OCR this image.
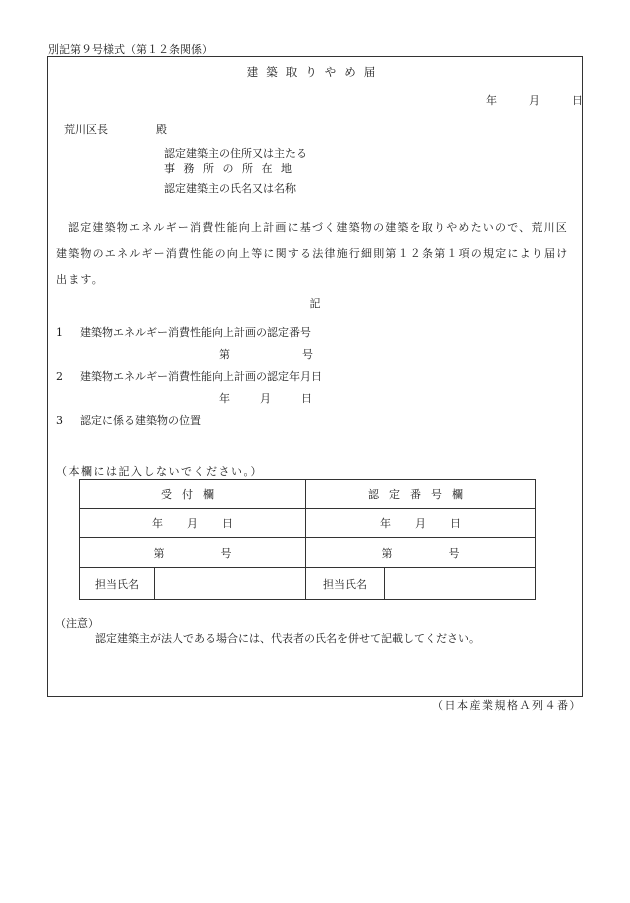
別記第９号様式（第１２条関係）
建築取りやめ届
年	月	日
荒川区長	殿
認定建築主の住所又は主たる
事務所の所在地
認定建築主の氏名又は名称
認定建築物エネルギー消費性能向上計画に基づく建築物の建築を取りやめたいので、荒川区建築物のエネルギー消費性能の向上等に関する法律施行細則第１２条第１項の規定により届け出ます。
記
1 建築物エネルギー消費性能向上計画の認定番号
第	号
2 建築物エネルギー消費性能向上計画の認定年月日
年	月	日
3 認定に係る建築物の位置
（本欄には記入しないでください。）
受付欄		認定番号欄	
年 月 日		年 月 日	
第 号		第 号	
担当氏名		担当氏名	
（注意）
認定建築主が法人である場合には、代表者の氏名を併せて記載してください。
（日本産業規格Ａ列４番）
